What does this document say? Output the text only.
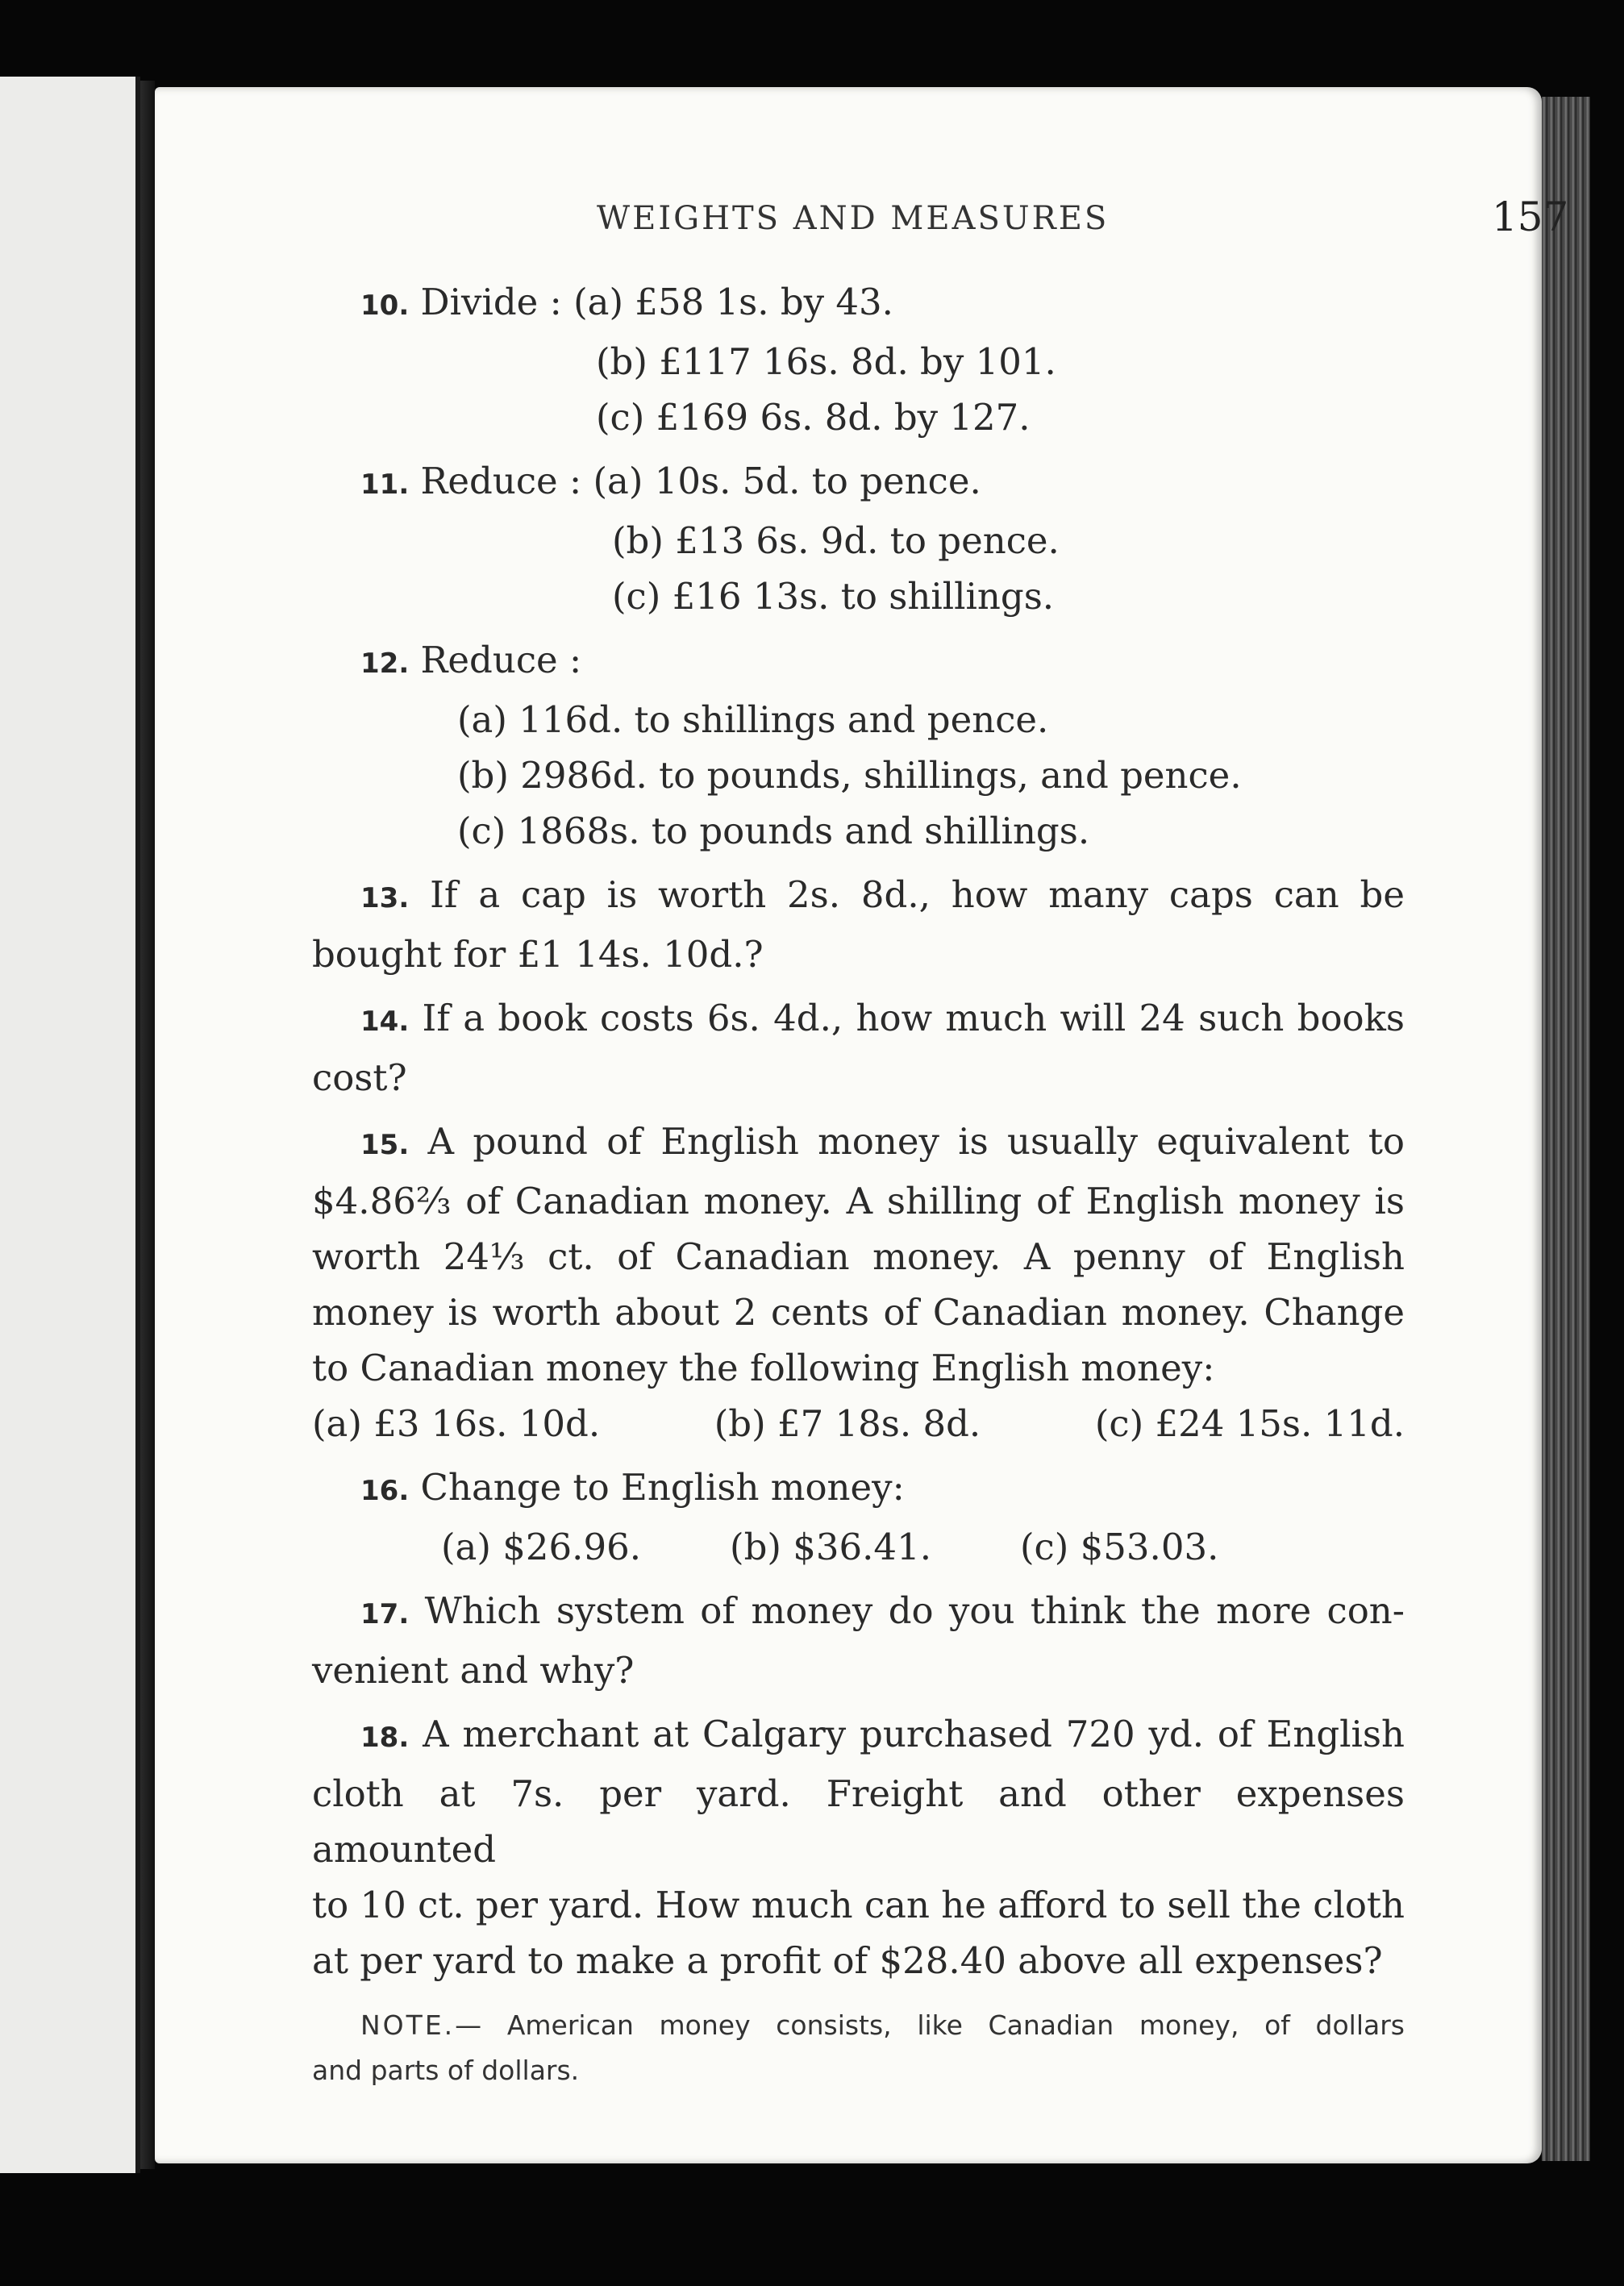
WEIGHTS AND MEASURES	157
10. Divide : (a) £58 1s. by 43.
(b) £117 16s. 8d. by 101.
(c) £169 6s. 8d. by 127.
11. Reduce : (a) 10s. 5d. to pence.
(b) £13 6s. 9d. to pence.
(c) £16 13s. to shillings.
12. Reduce :
(a) 116d. to shillings and pence.
(b) 2986d. to pounds, shillings, and pence.
(c) 1868s. to pounds and shillings.
13. If a cap is worth 2s. 8d., how many caps can be
bought for £1 14s. 10d.?
14. If a book costs 6s. 4d., how much will 24 such books
cost?
15. A pound of English money is usually equivalent to
$4.86⅔ of Canadian money. A shilling of English money is
worth 24⅓ ct. of Canadian money. A penny of English
money is worth about 2 cents of Canadian money. Change
to Canadian money the following English money:
(a) £3 16s. 10d.	(b) £7 18s. 8d.	(c) £24 15s. 11d.
16. Change to English money:
(a) $26.96. (b) $36.41. (c) $53.03.
17. Which system of money do you think the more con-
venient and why?
18. A merchant at Calgary purchased 720 yd. of English
cloth at 7s. per yard. Freight and other expenses amounted
to 10 ct. per yard. How much can he afford to sell the cloth
at per yard to make a profit of $28.40 above all expenses?
NOTE.— American money consists, like Canadian money, of dollars
and parts of dollars.
